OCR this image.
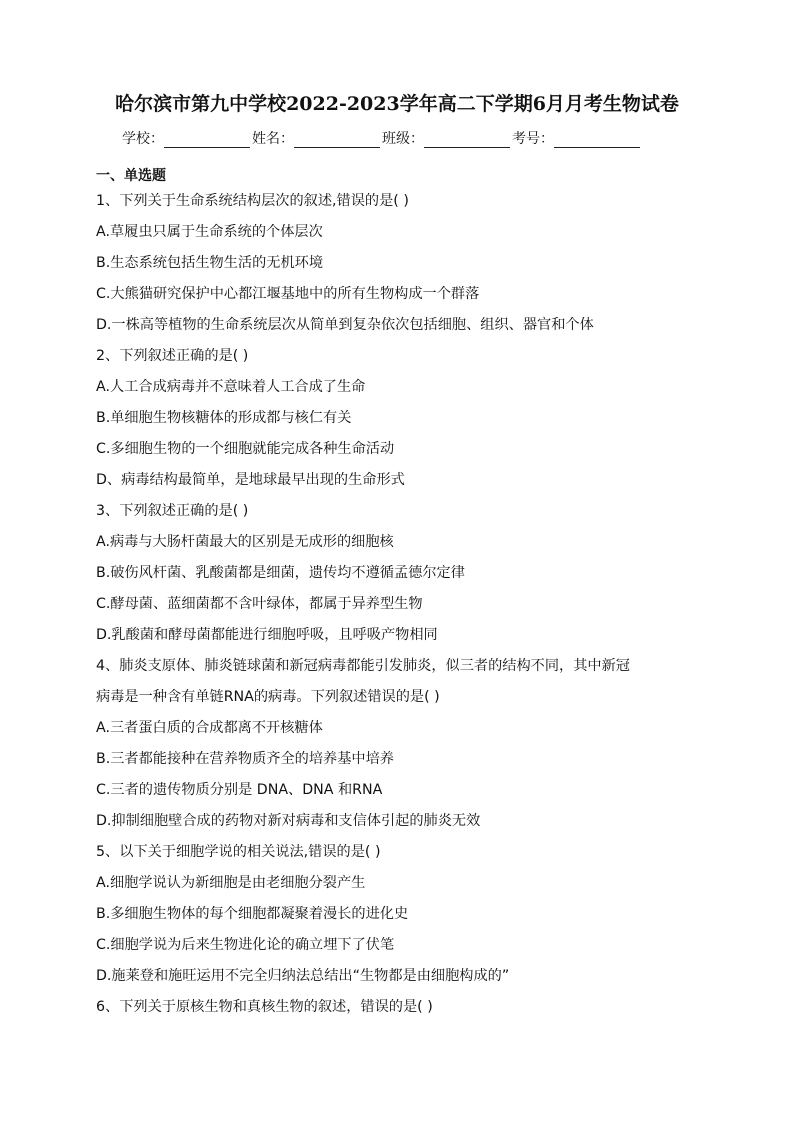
哈尔滨市第九中学校2022-2023学年高二下学期6月月考生物试卷
学校：	姓名：	班级：	考号：
一、单选题
1、下列关于生命系统结构层次的叙述,错误的是( )
A.草履虫只属于生命系统的个体层次
B.生态系统包括生物生活的无机环境
C.大熊猫研究保护中心都江堰基地中的所有生物构成一个群落
D.一株高等植物的生命系统层次从简单到复杂依次包括细胞、组织、器官和个体
2、下列叙述正确的是( )
A.人工合成病毒并不意味着人工合成了生命
B.单细胞生物核糖体的形成都与核仁有关
C.多细胞生物的一个细胞就能完成各种生命活动
D、病毒结构最简单，是地球最早出现的生命形式
3、下列叙述正确的是( )
A.病毒与大肠杆菌最大的区别是无成形的细胞核
B.破伤风杆菌、乳酸菌都是细菌，遗传均不遵循孟德尔定律
C.酵母菌、蓝细菌都不含叶绿体，都属于异养型生物
D.乳酸菌和酵母菌都能进行细胞呼吸，且呼吸产物相同
4、肺炎支原体、肺炎链球菌和新冠病毒都能引发肺炎，似三者的结构不同，其中新冠
病毒是一种含有单链RNA的病毒。下列叙述错误的是( )
A.三者蛋白质的合成都离不开核糖体
B.三者都能接种在营养物质齐全的培养基中培养
C.三者的遗传物质分别是 DNA、DNA 和RNA
D.抑制细胞壁合成的药物对新对病毒和支信体引起的肺炎无效
5、以下关于细胞学说的相关说法,错误的是( )
A.细胞学说认为新细胞是由老细胞分裂产生
B.多细胞生物体的每个细胞都凝聚着漫长的进化史
C.细胞学说为后来生物进化论的确立埋下了伏笔
D.施莱登和施旺运用不完全归纳法总结出“生物都是由细胞构成的”
6、下列关于原核生物和真核生物的叙述，错误的是( )
